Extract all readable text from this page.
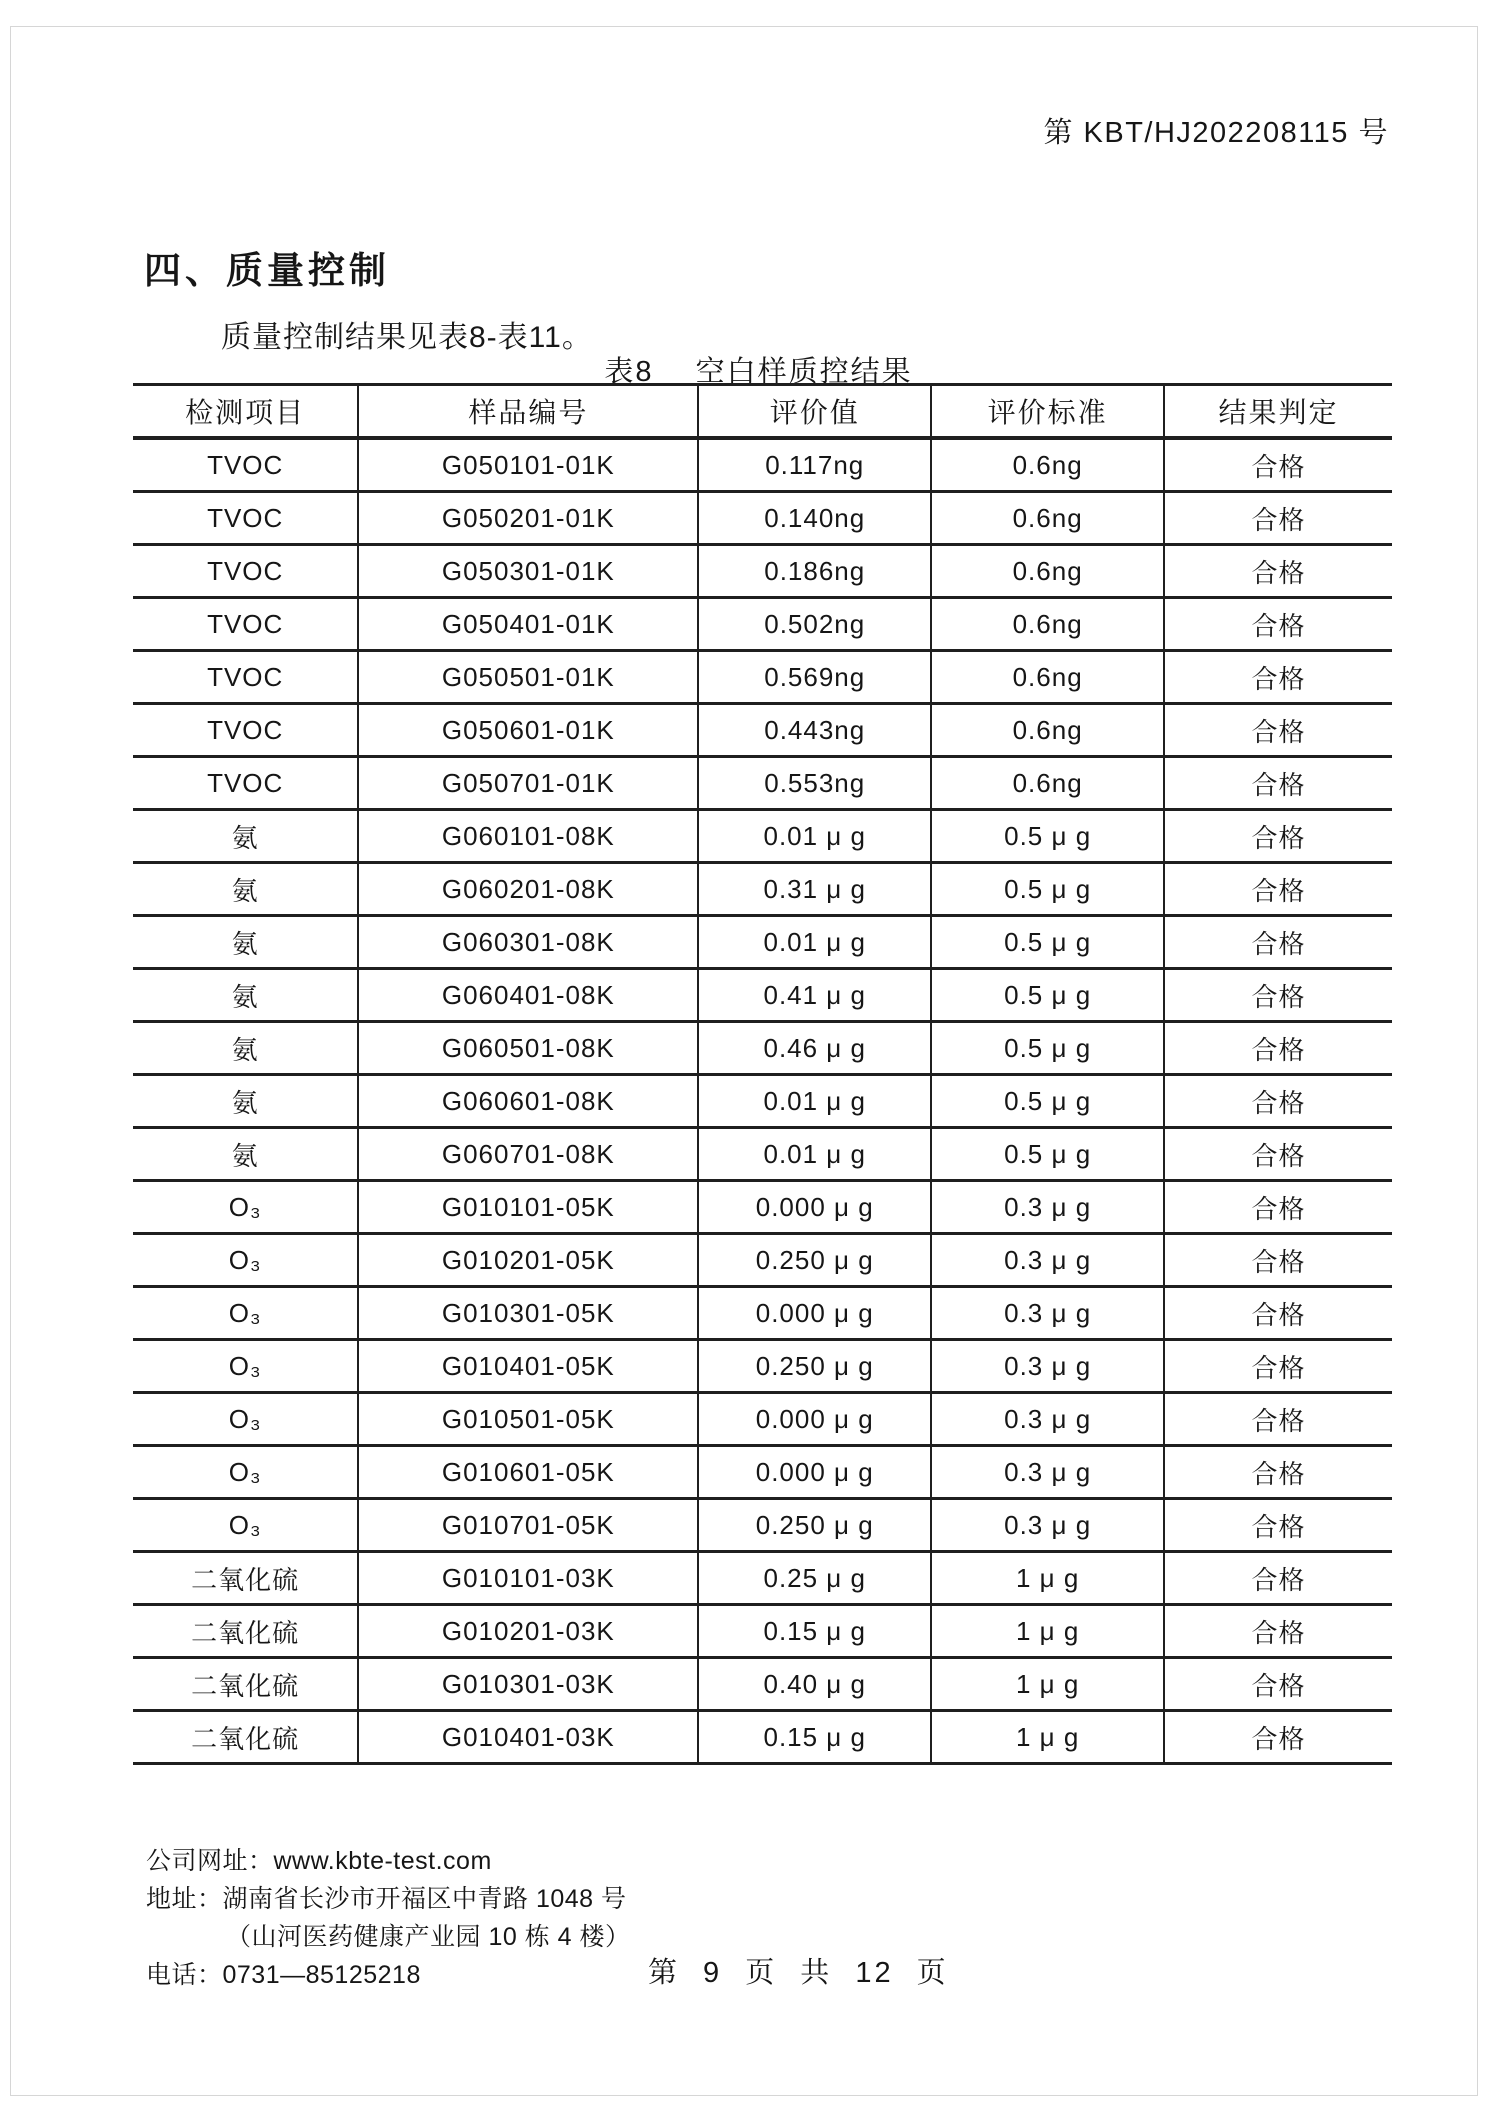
第 KBT/HJ202208115 号
四、质量控制

质量控制结果见表8-表11。

表8 空白样质控结果
检测项目	样品编号	评价值	评价标准	结果判定
TVOC	G050101-01K	0.117ng	0.6ng	合格
TVOC	G050201-01K	0.140ng	0.6ng	合格
TVOC	G050301-01K	0.186ng	0.6ng	合格
TVOC	G050401-01K	0.502ng	0.6ng	合格
TVOC	G050501-01K	0.569ng	0.6ng	合格
TVOC	G050601-01K	0.443ng	0.6ng	合格
TVOC	G050701-01K	0.553ng	0.6ng	合格
氨	G060101-08K	0.01 μ g	0.5 μ g	合格
氨	G060201-08K	0.31 μ g	0.5 μ g	合格
氨	G060301-08K	0.01 μ g	0.5 μ g	合格
氨	G060401-08K	0.41 μ g	0.5 μ g	合格
氨	G060501-08K	0.46 μ g	0.5 μ g	合格
氨	G060601-08K	0.01 μ g	0.5 μ g	合格
氨	G060701-08K	0.01 μ g	0.5 μ g	合格
O₃	G010101-05K	0.000 μ g	0.3 μ g	合格
O₃	G010201-05K	0.250 μ g	0.3 μ g	合格
O₃	G010301-05K	0.000 μ g	0.3 μ g	合格
O₃	G010401-05K	0.250 μ g	0.3 μ g	合格
O₃	G010501-05K	0.000 μ g	0.3 μ g	合格
O₃	G010601-05K	0.000 μ g	0.3 μ g	合格
O₃	G010701-05K	0.250 μ g	0.3 μ g	合格
二氧化硫	G010101-03K	0.25 μ g	1 μ g	合格
二氧化硫	G010201-03K	0.15 μ g	1 μ g	合格
二氧化硫	G010301-03K	0.40 μ g	1 μ g	合格
二氧化硫	G010401-03K	0.15 μ g	1 μ g	合格
公司网址：www.kbte-test.com
地址：湖南省长沙市开福区中青路 1048 号
（山河医药健康产业园 10 栋 4 楼）
电话：0731—85125218	第 9 页 共 12 页
